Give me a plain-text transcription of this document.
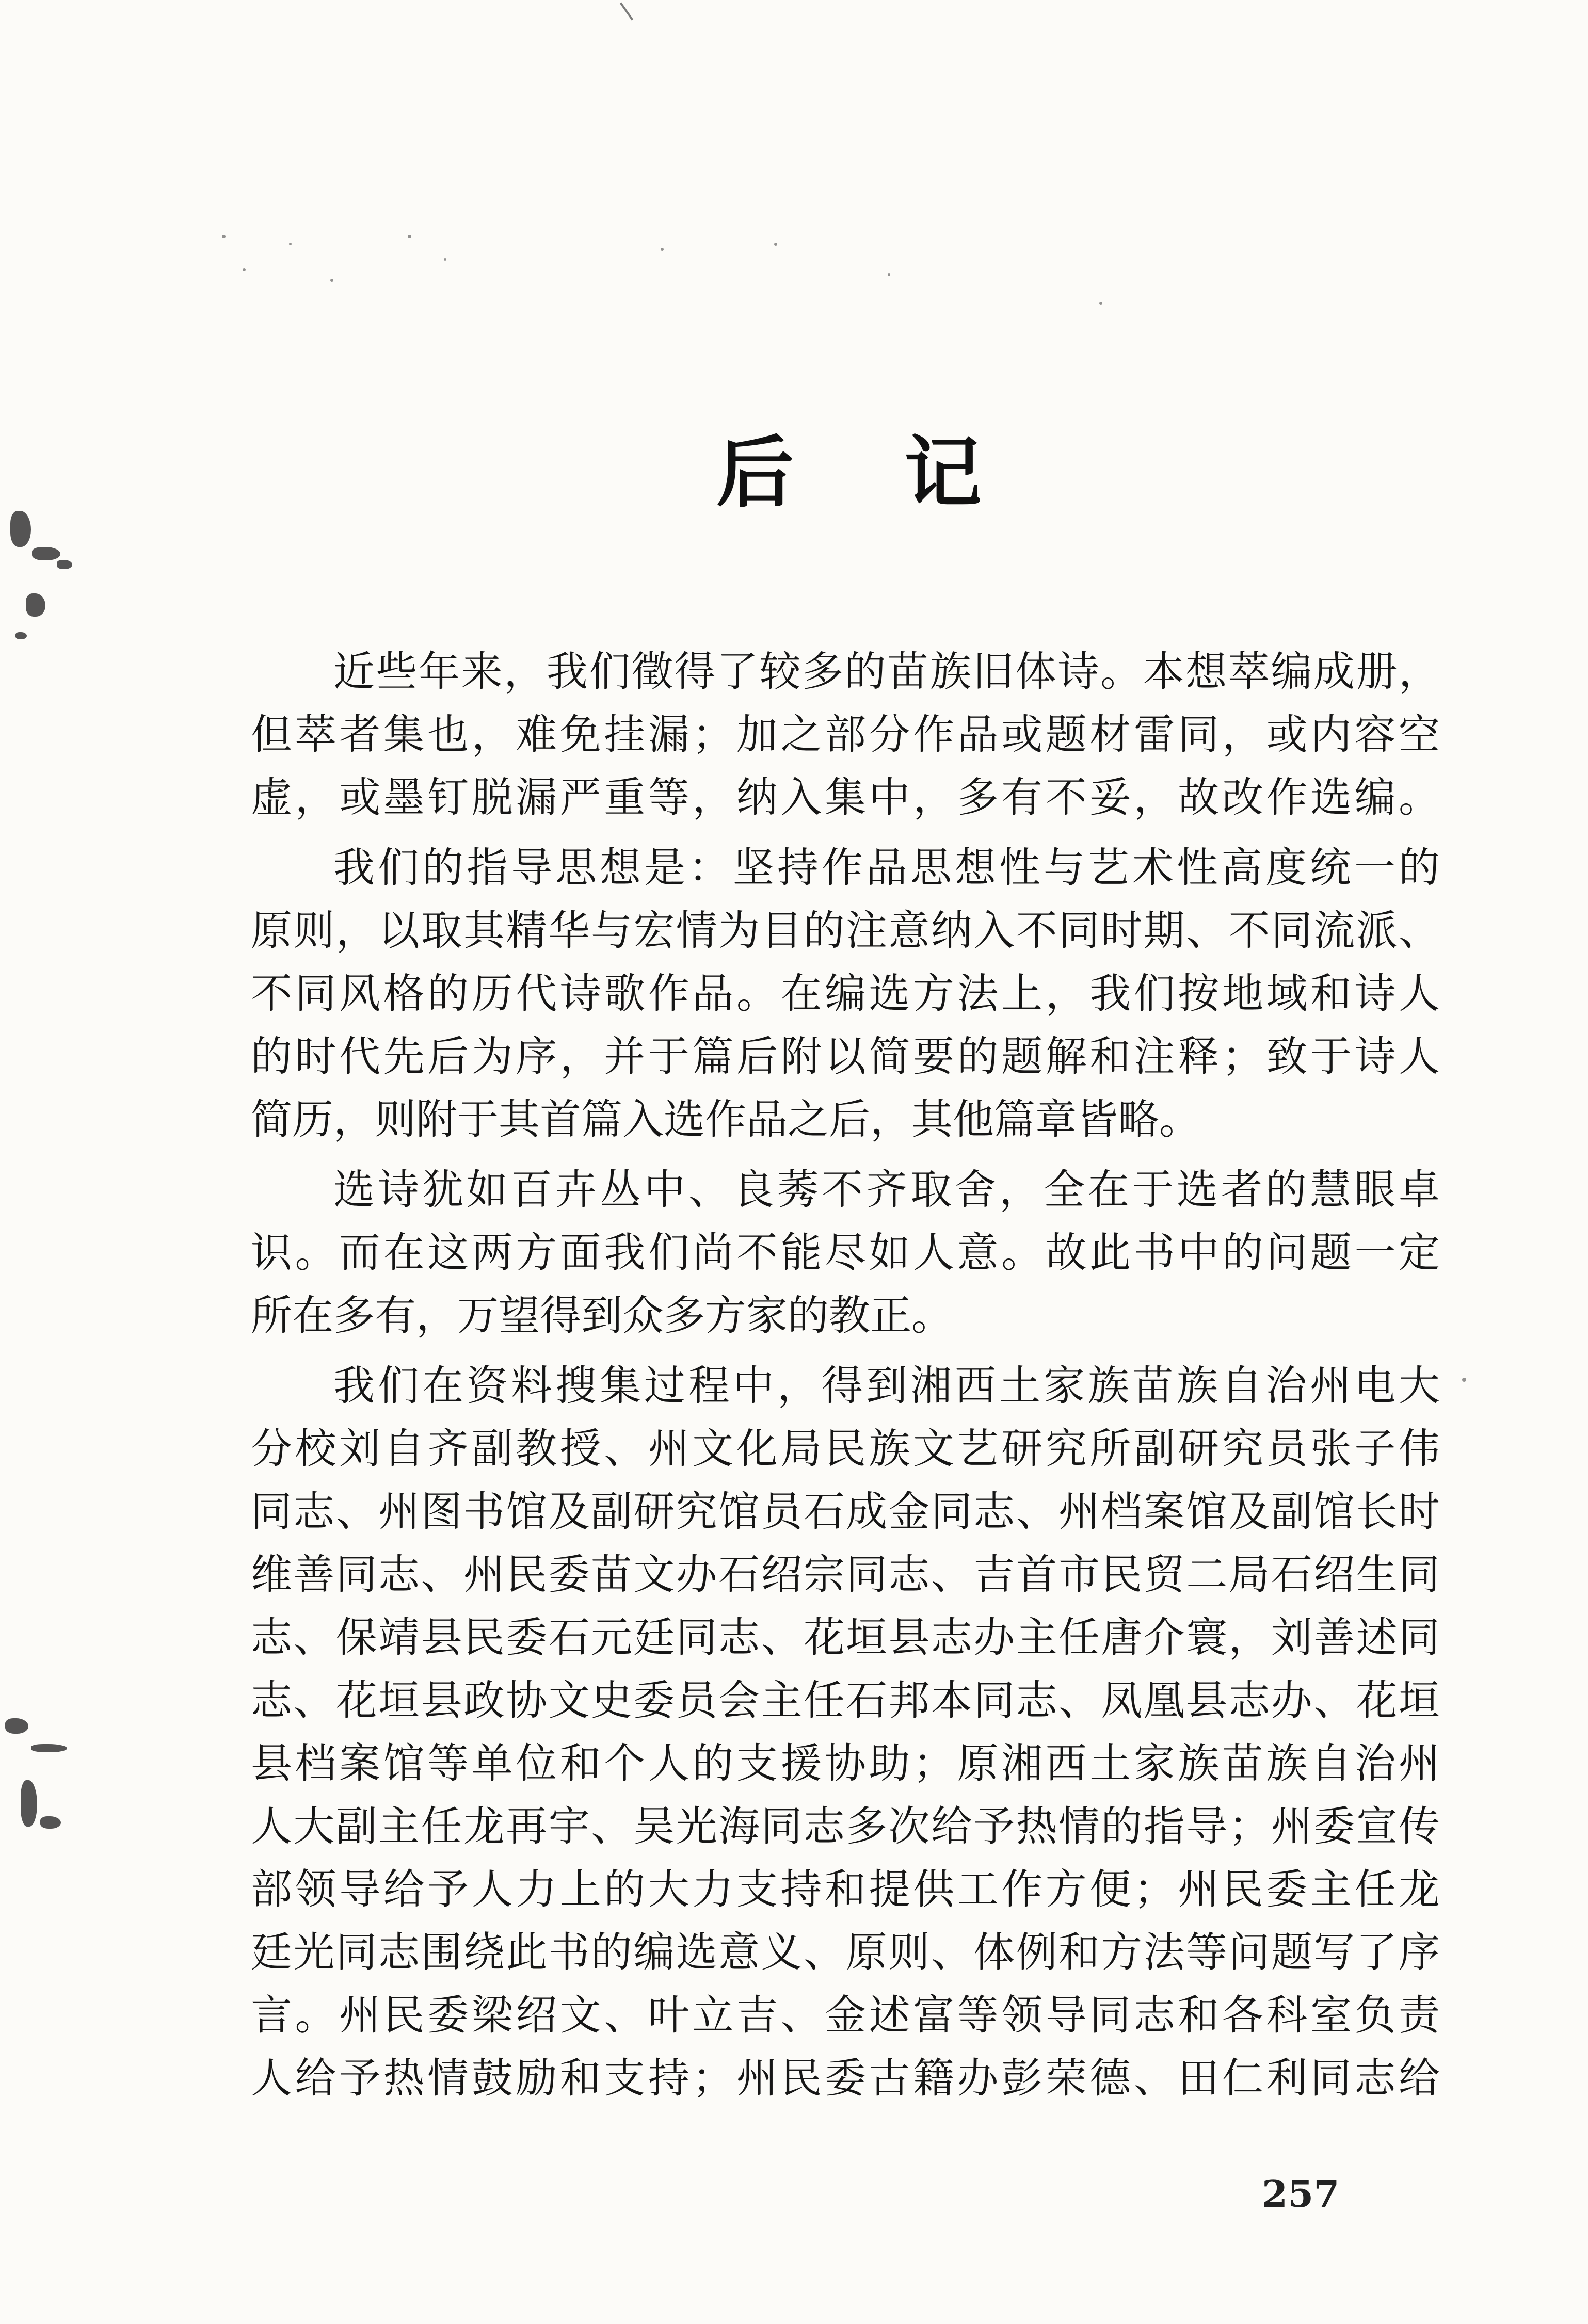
后记
近些年来，我们徵得了较多的苗族旧体诗。本想萃编成册，
但萃者集也，难免挂漏；加之部分作品或题材雷同，或内容空
虚，或墨钉脱漏严重等，纳入集中，多有不妥，故改作选编。
我们的指导思想是：坚持作品思想性与艺术性高度统一的
原则，以取其精华与宏情为目的注意纳入不同时期、不同流派、
不同风格的历代诗歌作品。在编选方法上，我们按地域和诗人
的时代先后为序，并于篇后附以简要的题解和注释；致于诗人
简历，则附于其首篇入选作品之后，其他篇章皆略。
选诗犹如百卉丛中、良莠不齐取舍，全在于选者的慧眼卓
识。而在这两方面我们尚不能尽如人意。故此书中的问题一定
所在多有，万望得到众多方家的教正。
我们在资料搜集过程中，得到湘西土家族苗族自治州电大
分校刘自齐副教授、州文化局民族文艺研究所副研究员张子伟
同志、州图书馆及副研究馆员石成金同志、州档案馆及副馆长时
维善同志、州民委苗文办石绍宗同志、吉首市民贸二局石绍生同
志、保靖县民委石元廷同志、花垣县志办主任唐介寰，刘善述同
志、花垣县政协文史委员会主任石邦本同志、凤凰县志办、花垣
县档案馆等单位和个人的支援协助；原湘西土家族苗族自治州
人大副主任龙再宇、吴光海同志多次给予热情的指导；州委宣传
部领导给予人力上的大力支持和提供工作方便；州民委主任龙
廷光同志围绕此书的编选意义、原则、体例和方法等问题写了序
言。州民委梁绍文、叶立吉、金述富等领导同志和各科室负责
人给予热情鼓励和支持；州民委古籍办彭荣德、田仁利同志给
257
